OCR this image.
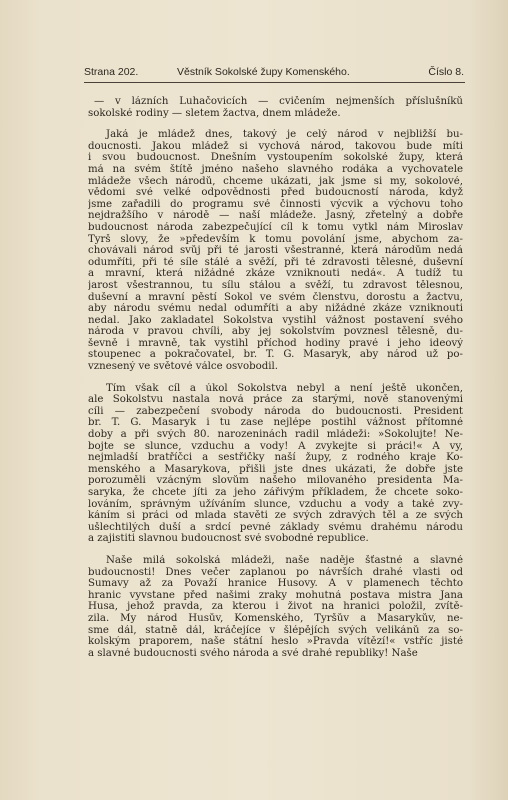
Strana 202.	Věstník Sokolské župy Komenského.	Číslo 8.
— v lázních Luhačovicích — cvičením nejmenších příslušníků
sokolské rodiny — sletem žactva, dnem mládeže.
Jaká je mládež dnes, takový je celý národ v nejbližší bu-
doucnosti. Jakou mládež si vychová národ, takovou bude míti
i svou budoucnost. Dnešním vystoupením sokolské župy, která
má na svém štítě jméno našeho slavného rodáka a vychovatele
mládeže všech národů, chceme ukázati, jak jsme si my, sokolové,
vědomi své velké odpovědnosti před budoucností národa, když
jsme zařadili do programu své činnosti výcvik a výchovu toho
nejdražšího v národě — naší mládeže. Jasný, zřetelný a dobře
budoucnost národa zabezpečující cíl k tomu vytkl nám Miroslav
Tyrš slovy, že »především k tomu povolání jsme, abychom za-
chovávali národ svůj při té jarosti všestranné, která národům nedá
odumříti, při té síle stálé a svěží, při té zdravosti tělesné, duševní
a mravní, která nižádné zkáze vzniknouti nedá«. A tudíž tu
jarost všestrannou, tu sílu stálou a svěží, tu zdravost tělesnou,
duševní a mravní pěstí Sokol ve svém členstvu, dorostu a žactvu,
aby národu svému nedal odumříti a aby nižádné zkáze vzniknouti
nedal. Jako zakladatel Sokolstva vystihl vážnost postavení svého
národa v pravou chvíli, aby jej sokolstvím povznesl tělesně, du-
ševně i mravně, tak vystihl příchod hodiny pravé i jeho ideový
stoupenec a pokračovatel, br. T. G. Masaryk, aby národ už po-
vznesený ve světové válce osvobodil.
Tím však cíl a úkol Sokolstva nebyl a není ještě ukončen,
ale Sokolstvu nastala nová práce za starými, nově stanovenými
cíli — zabezpečení svobody národa do budoucnosti. President
br. T. G. Masaryk i tu zase nejlépe postihl vážnost přítomné
doby a při svých 80. narozeninách radil mládeži: »Sokolujte! Ne-
bojte se slunce, vzduchu a vody! A zvykejte si práci!« A vy,
nejmladší bratříčci a sestřičky naší župy, z rodného kraje Ko-
menského a Masarykova, přišli jste dnes ukázati, že dobře jste
porozuměli vzácným slovům našeho milovaného presidenta Ma-
saryka, že chcete jíti za jeho zářivým příkladem, že chcete soko-
lováním, správným užíváním slunce, vzduchu a vody a také zvy-
káním si práci od mlada stavěti ze svých zdravých těl a ze svých
ušlechtilých duší a srdcí pevné základy svému drahému národu
a zajistiti slavnou budoucnost své svobodné republice.
Naše milá sokolská mládeži, naše naděje šťastné a slavné
budoucnosti! Dnes večer zaplanou po návrších drahé vlasti od
Šumavy až za Považí hranice Husovy. A v plamenech těchto
hranic vyvstane před našimi zraky mohutná postava mistra Jana
Husa, jehož pravda, za kterou i život na hranici položil, zvítě-
zila. My národ Husův, Komenského, Tyršův a Masarykův, ne-
sme dál, statně dál, kráčejíce v šlépějích svých velikánů za so-
kolským praporem, naše státní heslo »Pravda vítězí!« vstříc jisté
a slavné budoucnosti svého národa a své drahé republiky! Naše
